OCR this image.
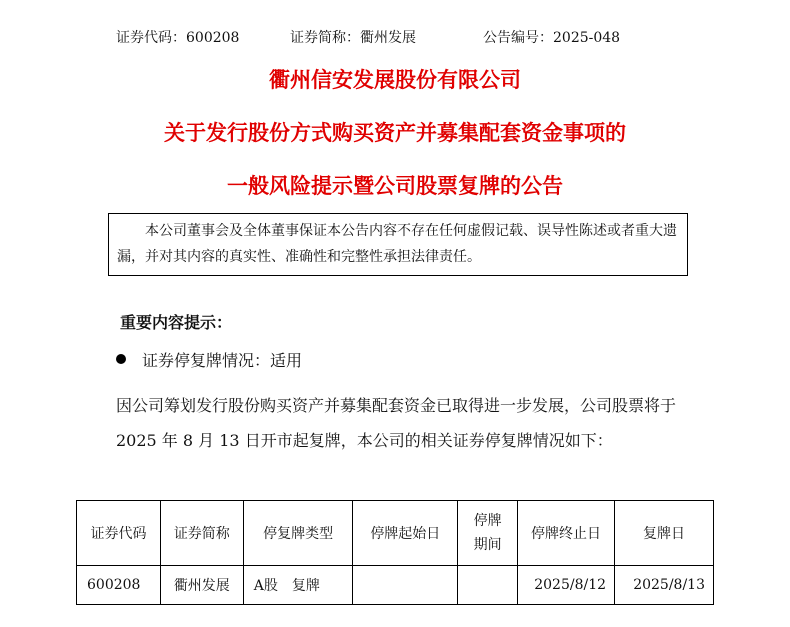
证券代码：600208	证券简称：衢州发展	公告编号：2025-048
衢州信安发展股份有限公司
关于发行股份方式购买资产并募集配套资金事项的
一般风险提示暨公司股票复牌的公告

本公司董事会及全体董事保证本公告内容不存在任何虚假记载、误导性陈述或者重大遗漏，并对其内容的真实性、准确性和完整性承担法律责任。

重要内容提示：
证券停复牌情况：适用

因公司筹划发行股份购买资产并募集配套资金已取得进一步发展，公司股票将于 2025 年 8 月 13 日开市起复牌，本公司的相关证券停复牌情况如下：

证券代码	证券简称	停复牌类型	停牌起始日	停牌期间	停牌终止日	复牌日
600208	衢州发展	A股　复牌			2025/8/12	2025/8/13
